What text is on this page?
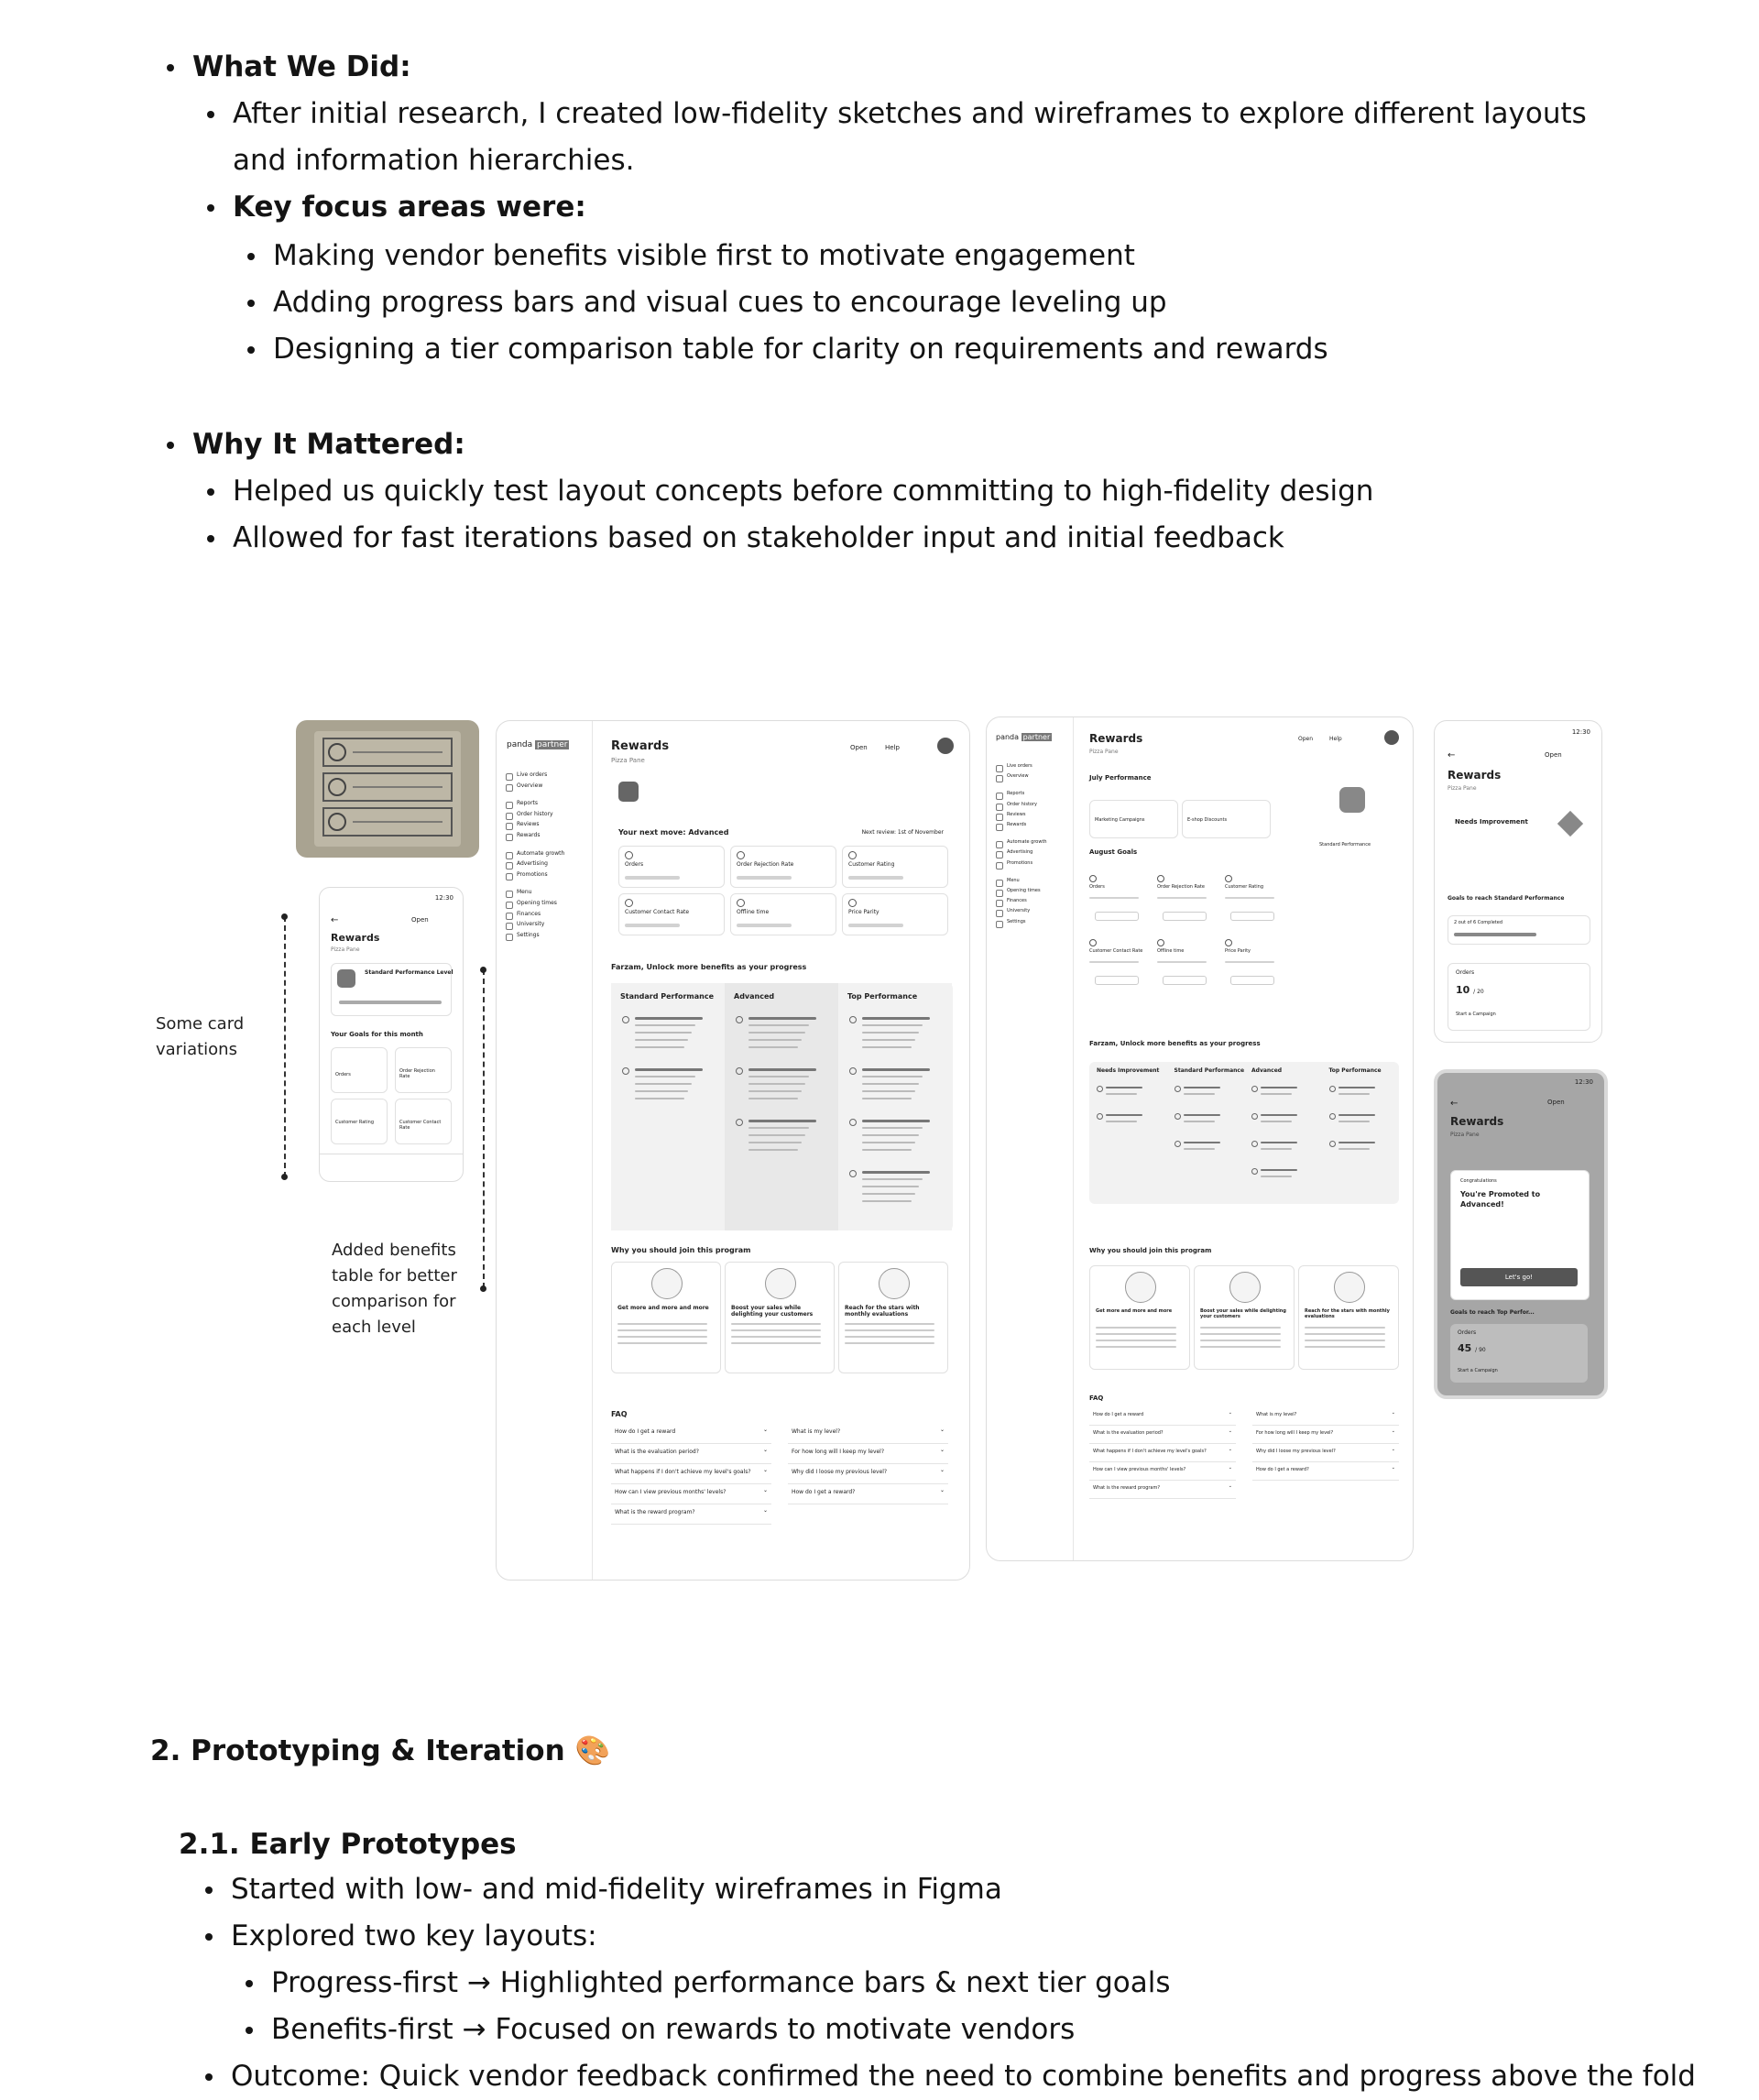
What We Did:
After initial research, I created low-fidelity sketches and wireframes to explore different layouts and information hierarchies.
Key focus areas were:
Making vendor benefits visible first to motivate engagement
Adding progress bars and visual cues to encourage leveling up
Designing a tier comparison table for clarity on requirements and rewards
Why It Mattered:
Helped us quickly test layout concepts before committing to high-fidelity design
Allowed for fast iterations based on stakeholder input and initial feedback
Some card variations
Added benefits table for better comparison for each level
12:30
←	Open
Rewards
Pizza Pane
Standard Performance Level
Your Goals for this month
Orders
Order Rejection Rate
Customer Rating	Customer Contact Rate
panda partner
Live orders
Overview
Reports
Order history
Reviews
Rewards
Automate growth
Advertising
Promotions
Menu
Opening times
Finances
University
Settings
Rewards
Pizza Pane
Open	Help
Standard Performance Level	Based on July 2024
Your next move: Advanced	Next review: 1st of November
Orders	Order Rejection Rate	Customer Rating
Customer Contact Rate	Offline time	Price Parity
Farzam, Unlock more benefits as your progress
Standard Performance	Advanced	Top Performance
Why you should join this program
Get more and more and more	Boost your sales while delighting your customers
Reach for the stars with monthly evaluations
FAQ
How do I get a reward	⌄
What is the evaluation period?	⌄
What happens if I don't achieve my level's goals? ⌄
How can I view previous months' levels?	⌄
What is the reward program?	⌄
What is my level?	⌄
For how long will I keep my level?	⌄
Why did I loose my previous level?	⌄
How do I get a reward?	⌄
panda partner
Live orders
Overview
Reports
Order history
Reviews
Rewards
Automate growth
Advertising
Promotions
Menu
Opening times
Finances
University
Settings
Rewards
Pizza Pane
Open	Help
July Performance
Marketing Campaigns	E-shop Discounts
Standard Performance
August Goals
Orders	Order Rejection Rate	Customer Rating
Customer Contact Rate	Offline time	Price Parity
Farzam, Unlock more benefits as your progress
Needs Improvement	Standard Performance Advanced	Top Performance
Why you should join this program
Get more and more and more	Boost your sales while delighting your customers
Reach for the stars with monthly evaluations
FAQ
How do I get a reward	⌄
What is the evaluation period?	⌄
What happens if I don't achieve my level's goals?	⌄
How can I view previous months' levels?	⌄
What is the reward program?	⌄
What is my level?	⌄
For how long will I keep my level?	⌄
Why did I loose my previous level?	⌄
How do I get a reward?	⌄
12:30
←	Open
Rewards
Pizza Pane
Needs Improvement
Goals to reach Standard Performance
2 out of 6 Completed
Orders
10 / 20
Start a Campaign
12:30
←	Open
Rewards
Pizza Pane
Congratulations
You're Promoted to Advanced!
Let's go!
Goals to reach Top Perfor...
Orders
45 / 90
Start a Campaign
2. Prototyping & Iteration 🎨
2.1. Early Prototypes
Started with low- and mid-fidelity wireframes in Figma
Explored two key layouts:
Progress-first → Highlighted performance bars & next tier goals
Benefits-first → Focused on rewards to motivate vendors
Outcome: Quick vendor feedback confirmed the need to combine benefits and progress above the fold
